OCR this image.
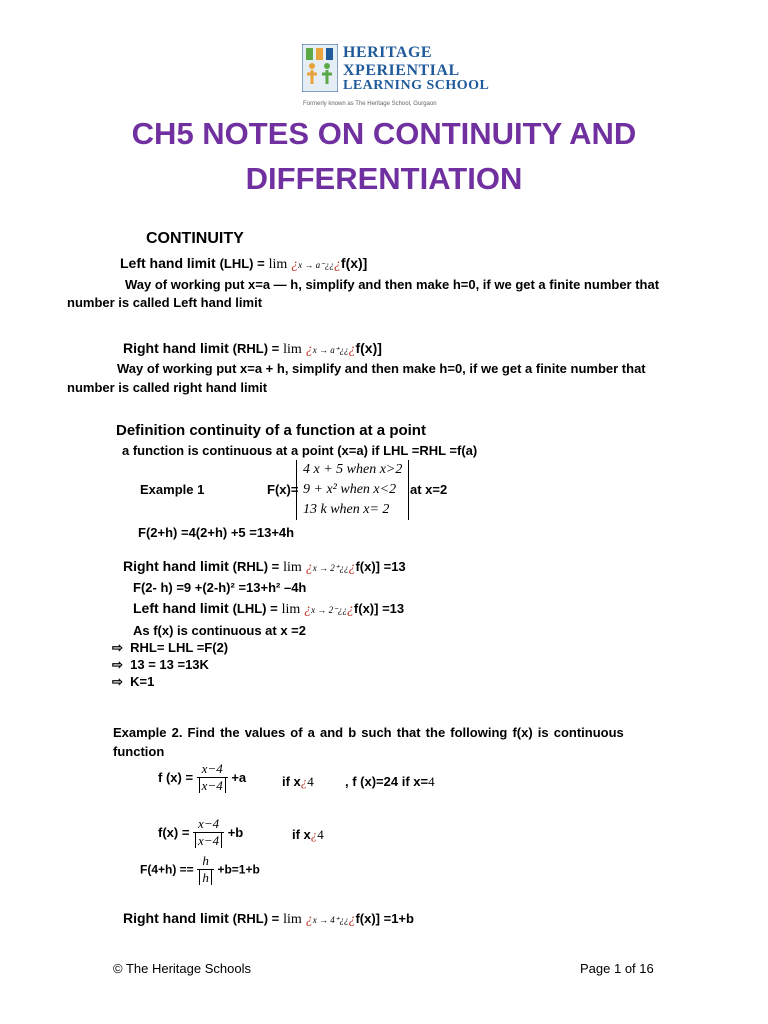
HERITAGE
XPERIENTIAL
LEARNING SCHOOL
Formerly known as The Heritage School, Gurgaon
CH5 NOTES ON CONTINUITY AND
DIFFERENTIATION
CONTINUITY
Left hand limit (LHL) = lim ¿x → a⁻¿¿¿f(x)]
Way of working put x=a — h, simplify and then make h=0, if we get a finite number that
number is called Left hand limit
Right hand limit (RHL) = lim ¿x → a⁺¿¿¿f(x)]
Way of working put x=a + h, simplify and then make h=0, if we get a finite number that
number is called right hand limit
Definition continuity of a function at a point
a function is continuous at a point (x=a) if LHL =RHL =f(a)
Example 1	F(x)=
4 x + 5 when x>2
9 + x² when x<2
13 k when x= 2
at x=2
F(2+h) =4(2+h) +5 =13+4h
Right hand limit (RHL) = lim ¿x → 2⁺¿¿¿f(x)] =13
F(2- h) =9 +(2-h)² =13+h² –4h
Left hand limit (LHL) = lim ¿x → 2⁻¿¿¿f(x)] =13
As f(x) is continuous at x =2
⇨ RHL= LHL =F(2)
⇨ 13 = 13 =13K
⇨ K=1
Example 2. Find the values of a and b such that the following f(x) is continuous
function
f $(x) = \frac{x-4}{x-4} +a$	if x¿4 , f (x)=24 if x=4
$f(x) = \frac{x-4}{x-4} +b$	if x¿4
$F(4+h) == \frac{h}{h} +b=1+b$
Right hand limit (RHL) = lim ¿x → 4⁺¿¿¿f(x)] =1+b
© The Heritage Schools	Page 1 of 16
